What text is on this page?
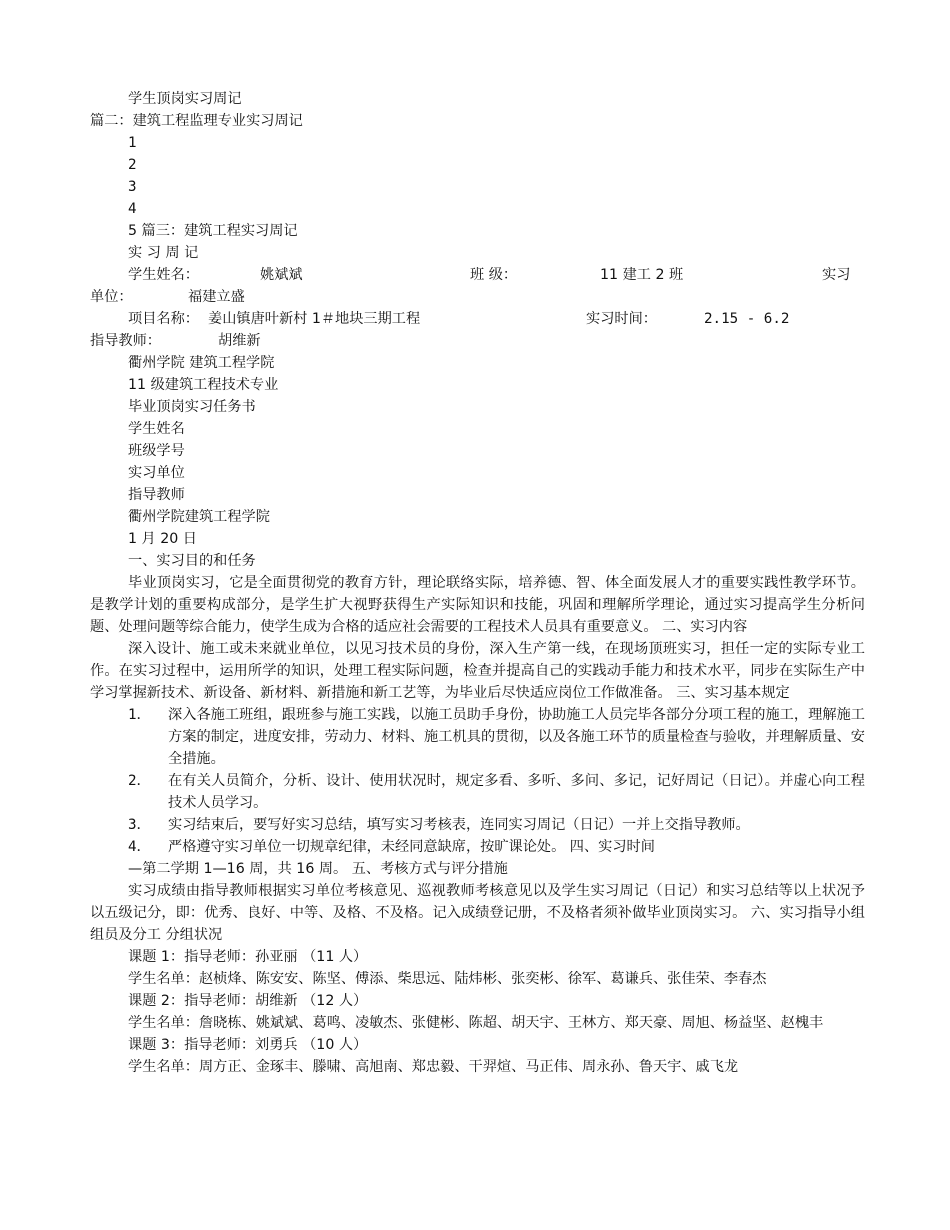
学生顶岗实习周记
篇二：建筑工程监理专业实习周记
1
2
3
4
5 篇三：建筑工程实习周记
实 习 周 记
学生姓名：	姚斌斌	班 级：	11 建工 2 班	实习
单位：	福建立盛
项目名称： 姜山镇唐叶新村 1＃地块三期工程	实习时间：	2.15 - 6.2
指导教师：	胡维新
衢州学院 建筑工程学院
11 级建筑工程技术专业
毕业顶岗实习任务书
学生姓名
班级学号
实习单位
指导教师
衢州学院建筑工程学院
1 月 20 日
一、实习目的和任务
毕业顶岗实习，它是全面贯彻党的教育方针，理论联络实际，培养德、智、体全面发展人才的重要实践性教学环节。是教学计划的重要构成部分，是学生扩大视野获得生产实际知识和技能，巩固和理解所学理论，通过实习提高学生分析问题、处理问题等综合能力，使学生成为合格的适应社会需要的工程技术人员具有重要意义。 二、实习内容
深入设计、施工或未来就业单位，以见习技术员的身份，深入生产第一线，在现场顶班实习，担任一定的实际专业工作。在实习过程中，运用所学的知识，处理工程实际问题，检查并提高自己的实践动手能力和技术水平，同步在实际生产中学习掌握新技术、新设备、新材料、新措施和新工艺等，为毕业后尽快适应岗位工作做准备。 三、实习基本规定
1．	深入各施工班组，跟班参与施工实践，以施工员助手身份，协助施工人员完毕各部分分项工程的施工，理解施工方案的制定，进度安排，劳动力、材料、施工机具的贯彻，以及各施工环节的质量检查与验收，并理解质量、安全措施。
2．	在有关人员简介，分析、设计、使用状况时，规定多看、多听、多问、多记，记好周记（日记）。并虚心向工程技术人员学习。
3．	实习结束后，要写好实习总结，填写实习考核表，连同实习周记（日记）一并上交指导教师。
4．	严格遵守实习单位一切规章纪律，未经同意缺席，按旷课论处。 四、实习时间
—第二学期 1—16 周，共 16 周。 五、考核方式与评分措施
实习成绩由指导教师根据实习单位考核意见、巡视教师考核意见以及学生实习周记（日记）和实习总结等以上状况予以五级记分，即：优秀、良好、中等、及格、不及格。记入成绩登记册，不及格者须补做毕业顶岗实习。 六、实习指导小组组员及分工 分组状况
课题 1：指导老师：孙亚丽 （11 人）
学生名单：赵桢烽、陈安安、陈坚、傅添、柴思远、陆炜彬、张奕彬、徐军、葛谦兵、张佳荣、李春杰
课题 2：指导老师：胡维新 （12 人）
学生名单：詹晓栋、姚斌斌、葛鸣、凌敏杰、张健彬、陈超、胡天宇、王林方、郑天豪、周旭、杨益坚、赵槐丰
课题 3：指导老师：刘勇兵 （10 人）
学生名单：周方正、金琢丰、滕啸、高旭南、郑忠毅、干羿煊、马正伟、周永孙、鲁天宇、戚飞龙
